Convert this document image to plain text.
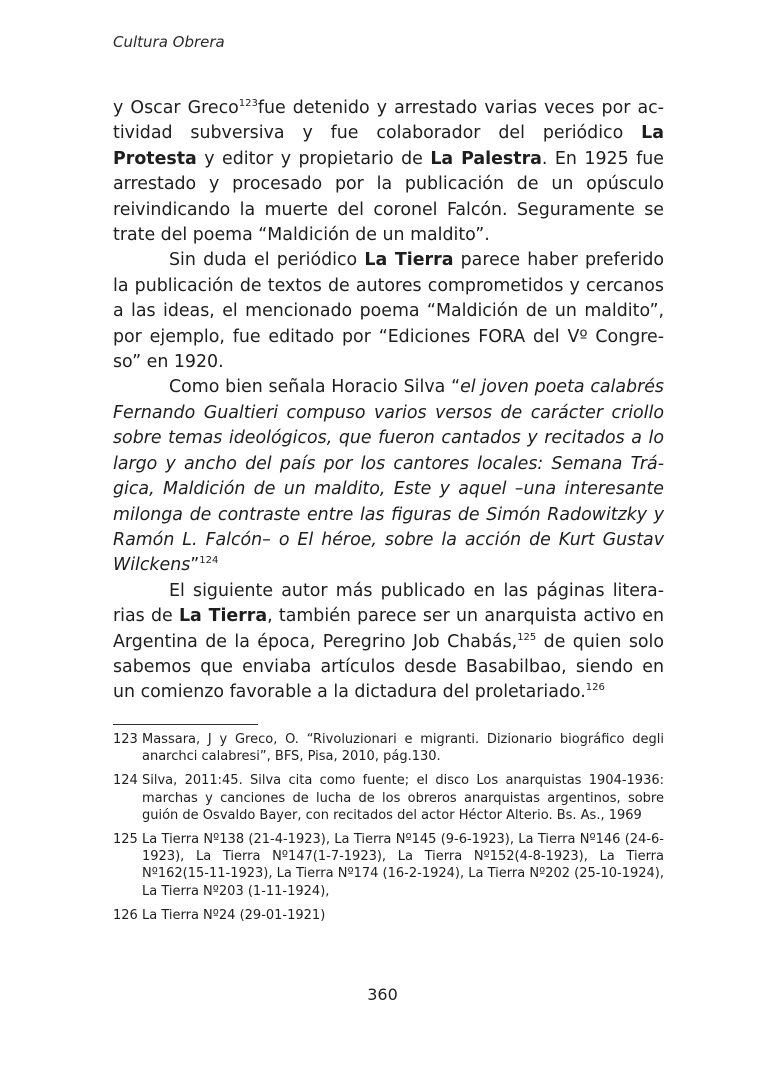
Cultura Obrera

y Oscar Greco$^{123}$fue detenido y arrestado varias veces por actividad subversiva y fue colaborador del periódico La Protesta y editor y propietario de La Palestra. En 1925 fue arrestado y procesado por la publicación de un opúsculo reivindicando la muerte del coronel Falcón. Seguramente se trate del poema “Maldición de un maldito”.

Sin duda el periódico La Tierra parece haber preferido la publicación de textos de autores comprometidos y cercanos a las ideas, el mencionado poema “Maldición de un maldito”, por ejemplo, fue editado por “Ediciones FORA del Vº Congreso” en 1920.

Como bien señala Horacio Silva “el joven poeta calabrés Fernando Gualtieri compuso varios versos de carácter criollo sobre temas ideológicos, que fueron cantados y recitados a lo largo y ancho del país por los cantores locales: Semana Trágica, Maldición de un maldito, Este y aquel –una interesante milonga de contraste entre las figuras de Simón Radowitzky y Ramón L. Falcón– o El héroe, sobre la acción de Kurt Gustav Wilckens”$^{124}$

El siguiente autor más publicado en las páginas literarias de La Tierra, también parece ser un anarquista activo en Argentina de la época, Peregrino Job Chabás,$^{125}$ de quien solo sabemos que enviaba artículos desde Basabilbao, siendo en un comienzo favorable a la dictadura del proletariado.$^{126}$

123 Massara, J y Greco, O. “Rivoluzionari e migranti. Dizionario biográfico degli anarchci calabresi”, BFS, Pisa, 2010, pág.130.
124 Silva, 2011:45. Silva cita como fuente; el disco Los anarquistas 1904-1936: marchas y canciones de lucha de los obreros anarquistas argentinos, sobre guión de Osvaldo Bayer, con recitados del actor Héctor Alterio. Bs. As., 1969
125 La Tierra Nº138 (21-4-1923), La Tierra Nº145 (9-6-1923), La Tierra Nº146 (24-6-1923), La Tierra Nº147(1-7-1923), La Tierra Nº152(4-8-1923), La Tierra Nº162(15-11-1923), La Tierra Nº174 (16-2-1924), La Tierra Nº202 (25-10-1924), La Tierra Nº203 (1-11-1924),
126 La Tierra Nº24 (29-01-1921)
360
